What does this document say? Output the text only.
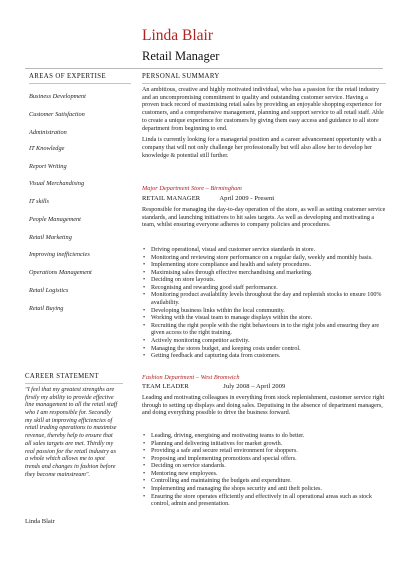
Linda Blair
Retail Manager
AREAS OF EXPERTISE
Business Development
Customer Satisfaction
Administration
IT Knowledge
Report Writing
Visual Merchandising
IT skills
People Management
Retail Marketing
Improving inefficiencies
Operations Management
Retail Logistics
Retail Buying
CAREER STATEMENT
"I feel that my greatest strengths are firstly my ability to provide effective line management to all the retail staff who I am responsible for. Secondly my skill at improving efficiencies of retail trading operations to maximise revenue, thereby help to ensure that all sales targets are met. Thirdly my real passion for the retail industry as a whole which allows me to spot trends and changes in fashion before they become mainstream".
Linda Blair
PERSONAL SUMMARY

An ambitious, creative and highly motivated individual, who has a passion for the retail industry and an uncompromising commitment to quality and outstanding customer service. Having a proven track record of maximising retail sales by providing an enjoyable shopping experience for customers, and a comprehensive management, planning and support service to all retail staff. Able to create a unique experience for customers by giving them easy access and guidance to all store department from beginning to end.

Linda is currently looking for a managerial position and a career advancement opportunity with a company that will not only challenge her professionally but will also allow her to develop her knowledge & potential still further.

Major Department Store – Birmingham
RETAIL MANAGER	April 2009 - Present
Responsible for managing the day-to-day operation of the store, as well as setting customer service standards, and launching initiatives to hit sales targets. As well as developing and motivating a team, whilst ensuring everyone adheres to company policies and procedures.
• Driving operational, visual and customer service standards in store.
• Monitoring and reviewing store performance on a regular daily, weekly and monthly basis.
• Implementing store compliance and health and safety procedures.
• Maximising sales through effective merchandising and marketing.
• Deciding on store layouts.
• Recognising and rewarding good staff performance.
• Monitoring product availability levels throughout the day and replenish stocks to ensure 100% availability.
• Developing business links within the local community.
• Working with the visual team to manage displays within the store.
• Recruiting the right people with the right behaviours in to the right jobs and ensuring they are given access to the right training.
• Actively monitoring competitor activity.
• Managing the stores budget, and keeping costs under control.
• Getting feedback and capturing data from customers.
Fashion Department – West Bromwich
TEAM LEADER	July 2008 – April 2009
Leading and motivating colleagues in everything from stock replenishment, customer service right through to setting up displays and doing sales. Deputising in the absence of department managers, and doing everything possible to drive the business forward.
• Leading, driving, energising and motivating teams to do better.
• Planning and delivering initiatives for market growth.
• Providing a safe and secure retail environment for shoppers.
• Proposing and implementing promotions and special offers.
• Deciding on service standards.
• Mentoring new employees.
• Controlling and maintaining the budgets and expenditure.
• Implementing and managing the shops security and anti theft policies.
• Ensuring the store operates efficiently and effectively in all operational areas such as stock control, admin and presentation.
